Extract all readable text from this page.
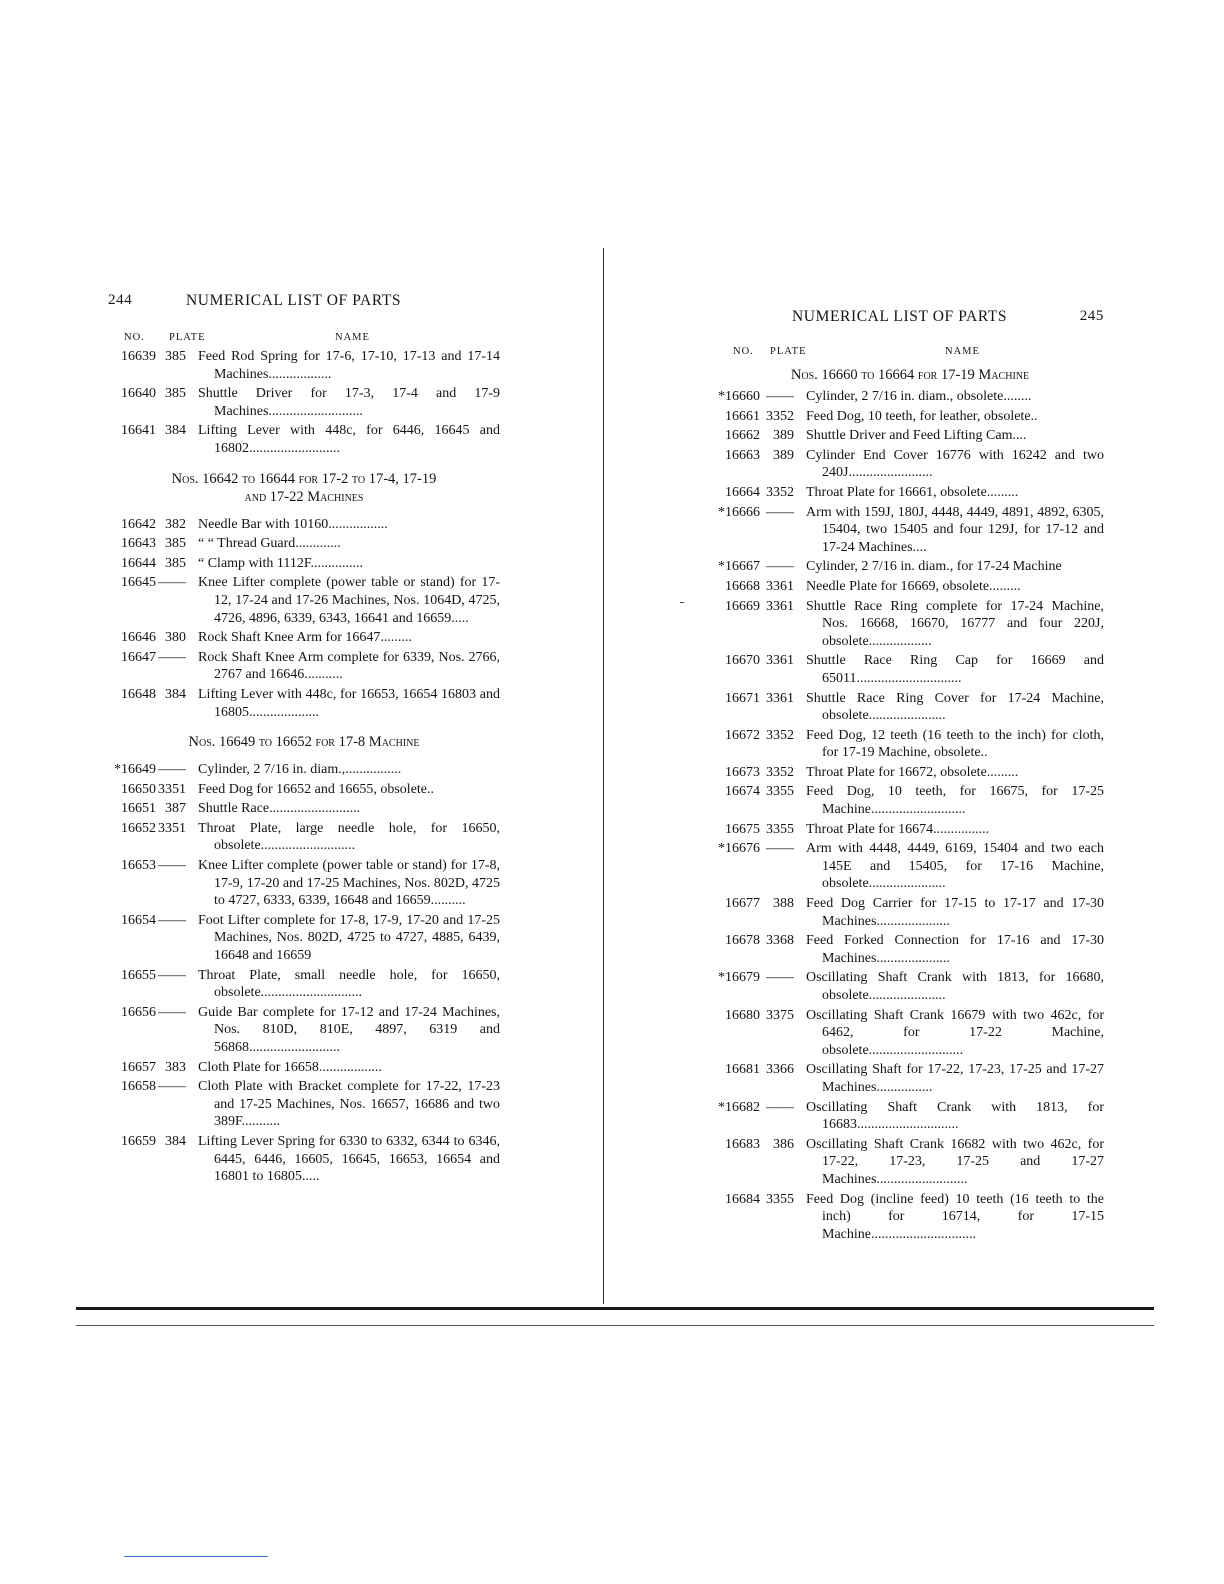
244	NUMERICAL LIST OF PARTS
NO. PLATE	NAME
16639 385 Feed Rod Spring for 17-6, 17-10, 17-13 and 17-14 Machines..................
16640 385 Shuttle Driver for 17-3, 17-4 and 17-9 Machines...........................
16641 384 Lifting Lever with 448c, for 6446, 16645 and 16802..........................
Nos. 16642 to 16644 for 17-2 to 17-4, 17-19
and 17-22 Machines
16642 382 Needle Bar with 10160.................
16643 385 “ “ Thread Guard.............
16644 385 “ Clamp with 1112F...............
16645 —— Knee Lifter complete (power table or stand) for 17-12, 17-24 and 17-26 Machines, Nos. 1064D, 4725, 4726, 4896, 6339, 6343, 16641 and 16659.....
16646 380 Rock Shaft Knee Arm for 16647.........
16647 —— Rock Shaft Knee Arm complete for 6339, Nos. 2766, 2767 and 16646...........
16648 384 Lifting Lever with 448c, for 16653, 16654 16803 and 16805....................
Nos. 16649 to 16652 for 17-8 Machine
*16649 —— Cylinder, 2 7/16 in. diam.,................
16650 3351 Feed Dog for 16652 and 16655, obsolete..
16651 387 Shuttle Race..........................
16652 3351 Throat Plate, large needle hole, for 16650, obsolete...........................
16653 —— Knee Lifter complete (power table or stand) for 17-8, 17-9, 17-20 and 17-25 Machines, Nos. 802D, 4725 to 4727, 6333, 6339, 16648 and 16659..........
16654 —— Foot Lifter complete for 17-8, 17-9, 17-20 and 17-25 Machines, Nos. 802D, 4725 to 4727, 4885, 6439, 16648 and 16659
16655 —— Throat Plate, small needle hole, for 16650, obsolete.............................
16656 —— Guide Bar complete for 17-12 and 17-24 Machines, Nos. 810D, 810E, 4897, 6319 and 56868..........................
16657 383 Cloth Plate for 16658..................
16658 —— Cloth Plate with Bracket complete for 17-22, 17-23 and 17-25 Machines, Nos. 16657, 16686 and two 389F...........
16659 384 Lifting Lever Spring for 6330 to 6332, 6344 to 6346, 6445, 6446, 16605, 16645, 16653, 16654 and 16801 to 16805.....
NUMERICAL LIST OF PARTS	245
NO. PLATE	NAME
Nos. 16660 to 16664 for 17-19 Machine
*16660 —— Cylinder, 2 7/16 in. diam., obsolete........
16661 3352 Feed Dog, 10 teeth, for leather, obsolete..
16662 389 Shuttle Driver and Feed Lifting Cam....
16663 389 Cylinder End Cover 16776 with 16242 and two 240J........................
16664 3352 Throat Plate for 16661, obsolete.........
*16666 —— Arm with 159J, 180J, 4448, 4449, 4891, 4892, 6305, 15404, two 15405 and four 129J, for 17-12 and 17-24 Machines....
*16667 —— Cylinder, 2 7/16 in. diam., for 17-24 Machine
16668 3361 Needle Plate for 16669, obsolete.........
16669 3361 Shuttle Race Ring complete for 17-24 Machine, Nos. 16668, 16670, 16777 and four 220J, obsolete..................
16670 3361 Shuttle Race Ring Cap for 16669 and 65011..............................
16671 3361 Shuttle Race Ring Cover for 17-24 Machine, obsolete......................
16672 3352 Feed Dog, 12 teeth (16 teeth to the inch) for cloth, for 17-19 Machine, obsolete..
16673 3352 Throat Plate for 16672, obsolete.........
16674 3355 Feed Dog, 10 teeth, for 16675, for 17-25 Machine...........................
16675 3355 Throat Plate for 16674................
*16676 —— Arm with 4448, 4449, 6169, 15404 and two each 145E and 15405, for 17-16 Machine, obsolete......................
16677 388 Feed Dog Carrier for 17-15 to 17-17 and 17-30 Machines.....................
16678 3368 Feed Forked Connection for 17-16 and 17-30 Machines.....................
*16679 —— Oscillating Shaft Crank with 1813, for 16680, obsolete......................
16680 3375 Oscillating Shaft Crank 16679 with two 462c, for 6462, for 17-22 Machine, obsolete...........................
16681 3366 Oscillating Shaft for 17-22, 17-23, 17-25 and 17-27 Machines................
*16682 —— Oscillating Shaft Crank with 1813, for 16683.............................
16683 386 Oscillating Shaft Crank 16682 with two 462c, for 17-22, 17-23, 17-25 and 17-27 Machines..........................
16684 3355 Feed Dog (incline feed) 10 teeth (16 teeth to the inch) for 16714, for 17-15 Machine..............................
